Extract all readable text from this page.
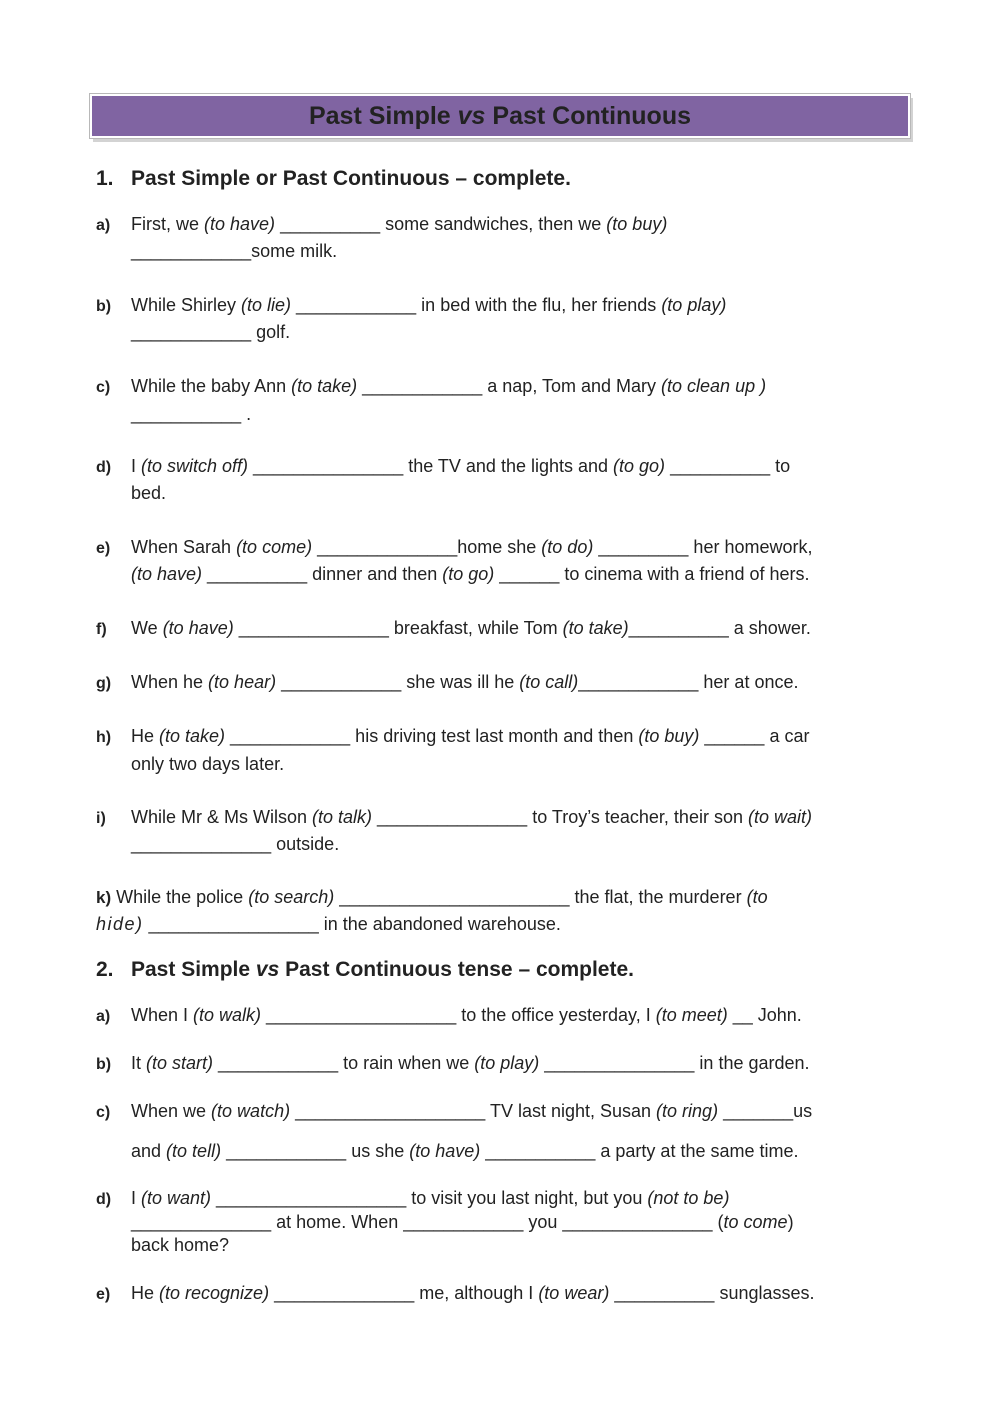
Past Simple vs Past Continuous
1. Past Simple or Past Continuous – complete.
a) First, we (to have) __________ some sandwiches, then we (to buy)
____________some milk.
b) While Shirley (to lie) ____________ in bed with the flu, her friends (to play)
____________ golf.
c) While the baby Ann (to take) ____________ a nap, Tom and Mary (to clean up )
___________ .
d) I (to switch off) _______________ the TV and the lights and (to go) __________ to
bed.
e) When Sarah (to come) ______________home she (to do) _________ her homework,
(to have) __________ dinner and then (to go) ______ to cinema with a friend of hers.
f) We (to have) _______________ breakfast, while Tom (to take)__________ a shower.
g) When he (to hear) ____________ she was ill he (to call)____________ her at once.
h) He (to take) ____________ his driving test last month and then (to buy) ______ a car
only two days later.
i) While Mr & Ms Wilson (to talk) _______________ to Troy’s teacher, their son (to wait)
______________ outside.
k) While the police (to search) _______________________ the flat, the murderer (to
hide) _________________ in the abandoned warehouse.
2. Past Simple vs Past Continuous tense – complete.
a) When I (to walk) ___________________ to the office yesterday, I (to meet) __ John.
b) It (to start) ____________ to rain when we (to play) _______________ in the garden.
c) When we (to watch) ___________________ TV last night, Susan (to ring) _______us
and (to tell) ____________ us she (to have) ___________ a party at the same time.
d) I (to want) ___________________ to visit you last night, but you (not to be)
______________ at home. When ____________ you _______________ (to come)
back home?
e) He (to recognize) ______________ me, although I (to wear) __________ sunglasses.
